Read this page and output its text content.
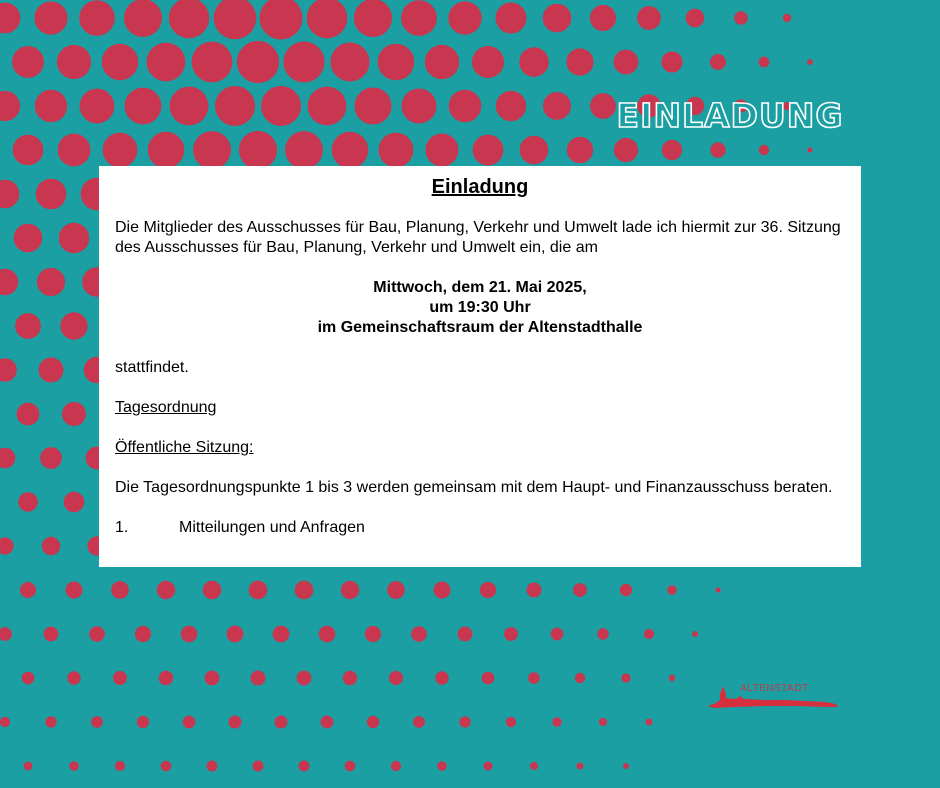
EINLADUNG
Einladung
Die Mitglieder des Ausschusses für Bau, Planung, Verkehr und Umwelt lade ich hiermit zur 36. Sitzung des Ausschusses für Bau, Planung, Verkehr und Umwelt ein, die am
Mittwoch, dem 21. Mai 2025,
um 19:30 Uhr
im Gemeinschaftsraum der Altenstadthalle
stattfindet.
Tagesordnung
Öffentliche Sitzung:
Die Tagesordnungspunkte 1 bis 3 werden gemeinsam mit dem Haupt- und Finanzausschuss beraten.
1.	Mitteilungen und Anfragen
ALTENSTADT
